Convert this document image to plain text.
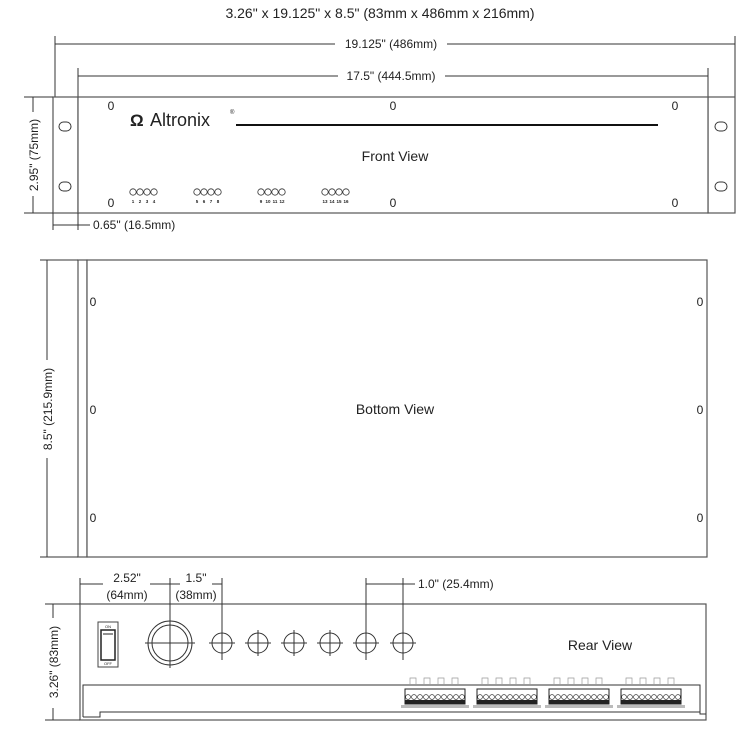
3.26" x 19.125" x 8.5" (83mm x 486mm x 216mm)
19.125" (486mm)
17.5" (444.5mm)
0	0	0
0	0	0
Ω Altronix	®
Front View
1 2 3 4	5 6 7 8	9 10 11 12	13 14 15 16
2.95" (75mm)
0.65" (16.5mm)
0
0
0
0
0
0
Bottom View
8.5" (215.9mm)
ON
OFF
Rear View
3.26" (83mm)
2.52"
(64mm)
1.5"
(38mm)
1.0" (25.4mm)
